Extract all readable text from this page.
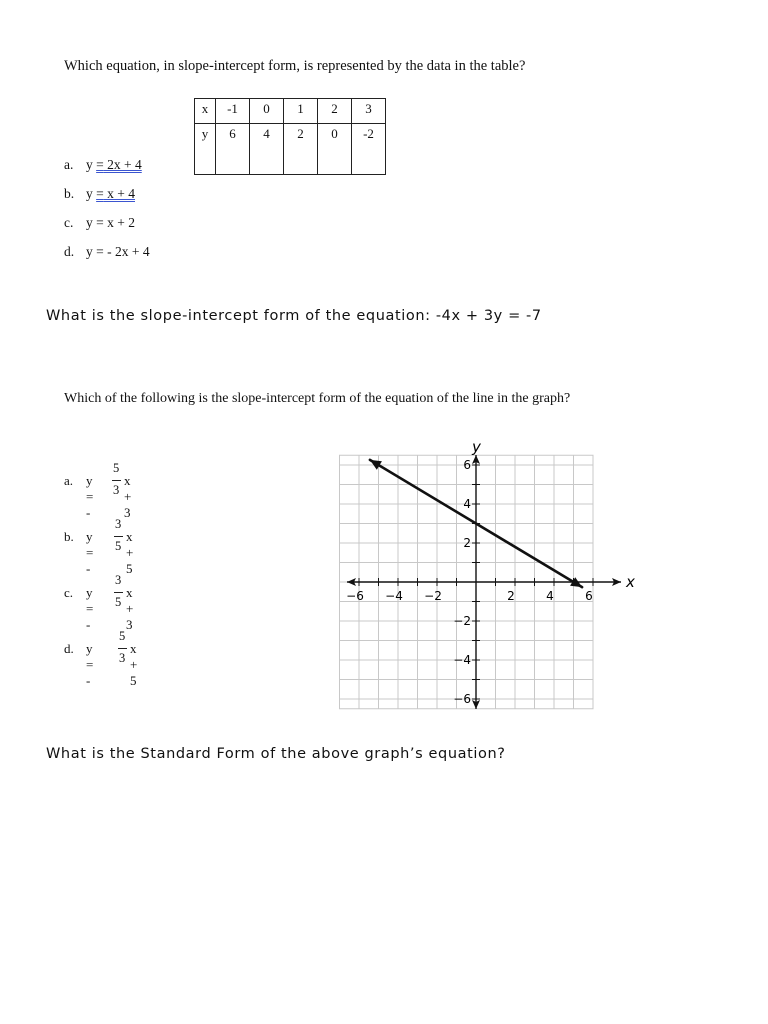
Which equation, in slope-intercept form, is represented by the data in the table?
x	-1	0	1	2	3
y	6	4	2	0	-2
a. y = 2x + 4
b. y = x + 4
c. y = x + 2
d. y = - 2x + 4
What is the slope-intercept form of the equation: -4x + 3y = -7
Which of the following is the slope-intercept form of the equation of the line in the graph?
a. y = -
5
3
x + 3
b. y = -
3
5
x + 5
c. y = -
3
5
x + 3
d. y = -
5
3
x + 5
−6 −4 −2	2	4	6
6
4
2
−2
−4
−6
x
y
What is the Standard Form of the above graph’s equation?
